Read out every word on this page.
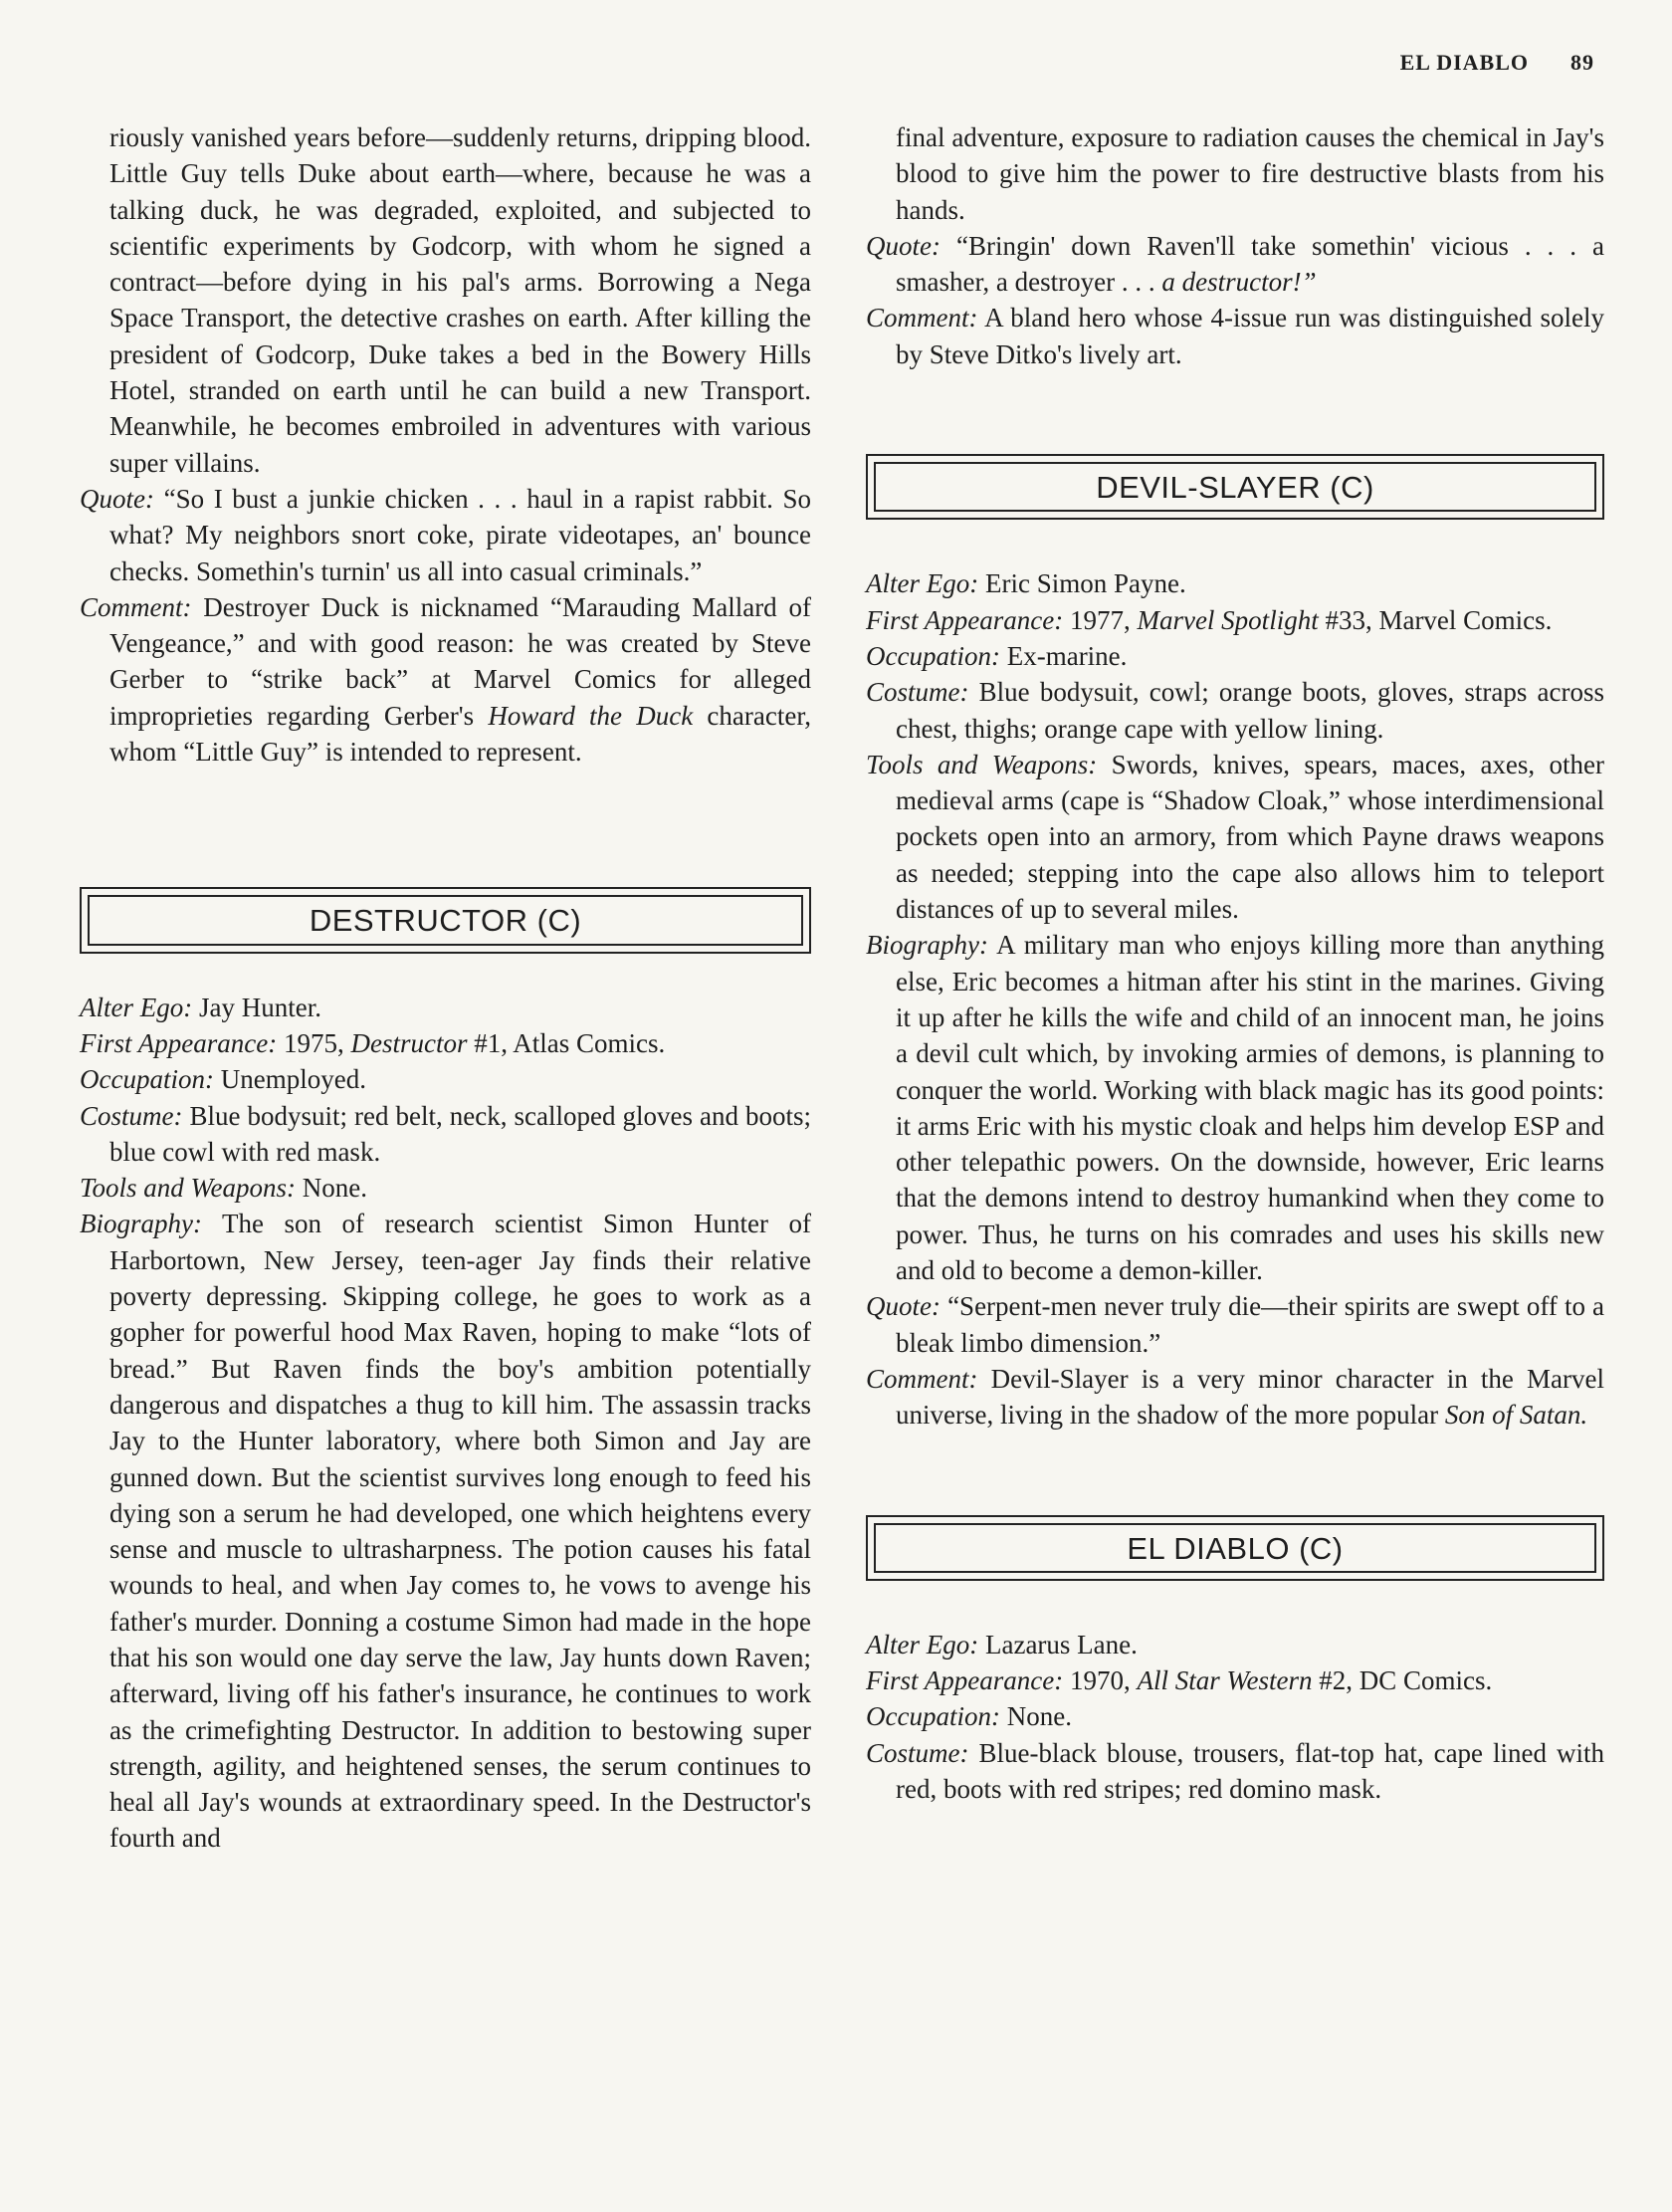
EL DIABLO 89

riously vanished years before—suddenly returns, dripping blood. Little Guy tells Duke about earth—where, because he was a talking duck, he was degraded, exploited, and subjected to scientific experiments by Godcorp, with whom he signed a contract—before dying in his pal's arms. Borrowing a Nega Space Transport, the detective crashes on earth. After killing the president of Godcorp, Duke takes a bed in the Bowery Hills Hotel, stranded on earth until he can build a new Transport. Meanwhile, he becomes embroiled in adventures with various super villains.

Quote: “So I bust a junkie chicken . . . haul in a rapist rabbit. So what? My neighbors snort coke, pirate videotapes, an' bounce checks. Somethin's turnin' us all into casual criminals.”

Comment: Destroyer Duck is nicknamed “Marauding Mallard of Vengeance,” and with good reason: he was created by Steve Gerber to “strike back” at Marvel Comics for alleged improprieties regarding Gerber's Howard the Duck character, whom “Little Guy” is intended to represent.

DESTRUCTOR (C)

Alter Ego: Jay Hunter.

First Appearance: 1975, Destructor #1, Atlas Comics.

Occupation: Unemployed.

Costume: Blue bodysuit; red belt, neck, scalloped gloves and boots; blue cowl with red mask.

Tools and Weapons: None.

Biography: The son of research scientist Simon Hunter of Harbortown, New Jersey, teen-ager Jay finds their relative poverty depressing. Skipping college, he goes to work as a gopher for powerful hood Max Raven, hoping to make “lots of bread.” But Raven finds the boy's ambition potentially dangerous and dispatches a thug to kill him. The assassin tracks Jay to the Hunter laboratory, where both Simon and Jay are gunned down. But the scientist survives long enough to feed his dying son a serum he had developed, one which heightens every sense and muscle to ultrasharpness. The potion causes his fatal wounds to heal, and when Jay comes to, he vows to avenge his father's murder. Donning a costume Simon had made in the hope that his son would one day serve the law, Jay hunts down Raven; afterward, living off his father's insurance, he continues to work as the crimefighting Destructor. In addition to bestowing super strength, agility, and heightened senses, the serum continues to heal all Jay's wounds at extraordinary speed. In the Destructor's fourth and

final adventure, exposure to radiation causes the chemical in Jay's blood to give him the power to fire destructive blasts from his hands.

Quote: “Bringin' down Raven'll take somethin' vicious . . . a smasher, a destroyer . . . a destructor!”

Comment: A bland hero whose 4-issue run was distinguished solely by Steve Ditko's lively art.

DEVIL-SLAYER (C)

Alter Ego: Eric Simon Payne.

First Appearance: 1977, Marvel Spotlight #33, Marvel Comics.

Occupation: Ex-marine.

Costume: Blue bodysuit, cowl; orange boots, gloves, straps across chest, thighs; orange cape with yellow lining.

Tools and Weapons: Swords, knives, spears, maces, axes, other medieval arms (cape is “Shadow Cloak,” whose interdimensional pockets open into an armory, from which Payne draws weapons as needed; stepping into the cape also allows him to teleport distances of up to several miles.

Biography: A military man who enjoys killing more than anything else, Eric becomes a hitman after his stint in the marines. Giving it up after he kills the wife and child of an innocent man, he joins a devil cult which, by invoking armies of demons, is planning to conquer the world. Working with black magic has its good points: it arms Eric with his mystic cloak and helps him develop ESP and other telepathic powers. On the downside, however, Eric learns that the demons intend to destroy humankind when they come to power. Thus, he turns on his comrades and uses his skills new and old to become a demon-killer.

Quote: “Serpent-men never truly die—their spirits are swept off to a bleak limbo dimension.”

Comment: Devil-Slayer is a very minor character in the Marvel universe, living in the shadow of the more popular Son of Satan.

EL DIABLO (C)

Alter Ego: Lazarus Lane.

First Appearance: 1970, All Star Western #2, DC Comics.

Occupation: None.

Costume: Blue-black blouse, trousers, flat-top hat, cape lined with red, boots with red stripes; red domino mask.
